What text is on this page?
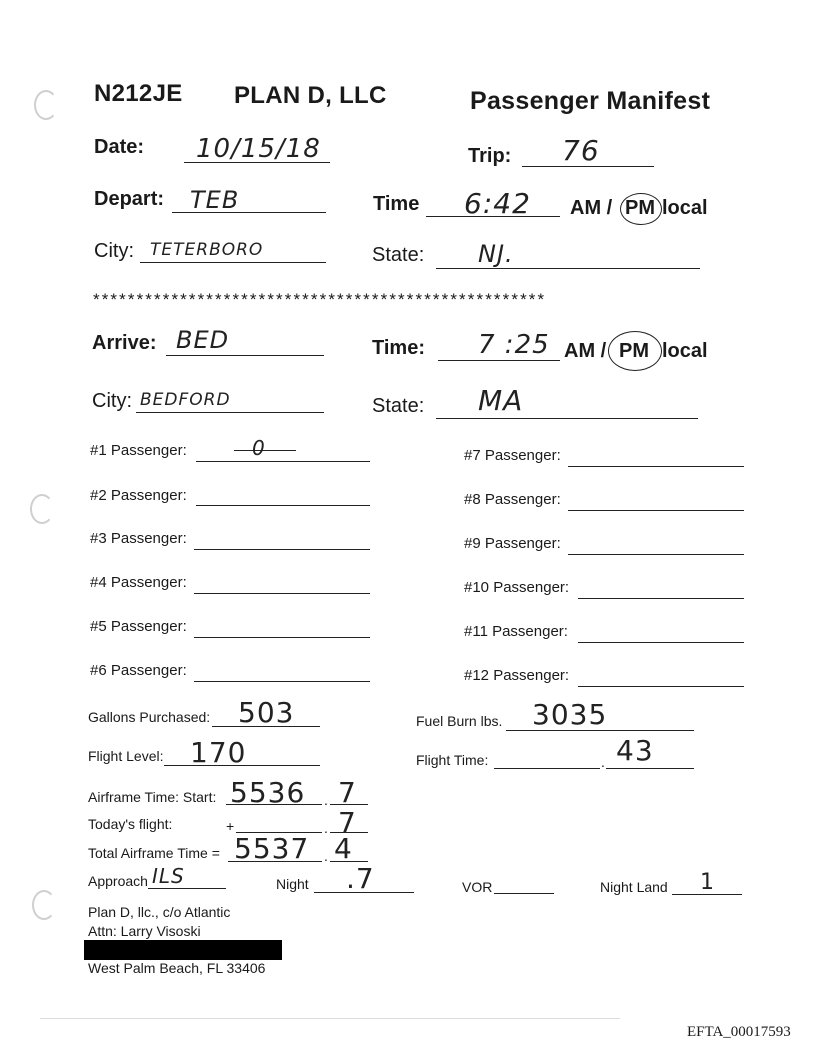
N212JE PLAN D, LLC	Passenger Manifest
Date: 10/15/18	Trip: 76
Depart: TEB	Time 6:42 AM / PM local
City: TETERBORO	State: NJ.
****************************************************
Arrive: BED	Time: 7 :25 AM / PM local
City: BEDFORD	State: MA
#1 Passenger:	0
#2 Passenger:
#3 Passenger:
#4 Passenger:
#5 Passenger:
#6 Passenger:
#7 Passenger:
#8 Passenger:
#9 Passenger:
#10 Passenger:
#11 Passenger:
#12 Passenger:
Gallons Purchased: 503	Fuel Burn lbs. 3035
Flight Level: 170	Flight Time:	. 43
Airframe Time: Start: 5536 . 7
Today's flight:	+	. 7
Total Airframe Time = 5537 . 4
Approach ILS	Night .7	VOR	Night Land 1
Plan D, llc., c/o Atlantic
Attn: Larry Visoski
West Palm Beach, FL 33406
EFTA_00017593
